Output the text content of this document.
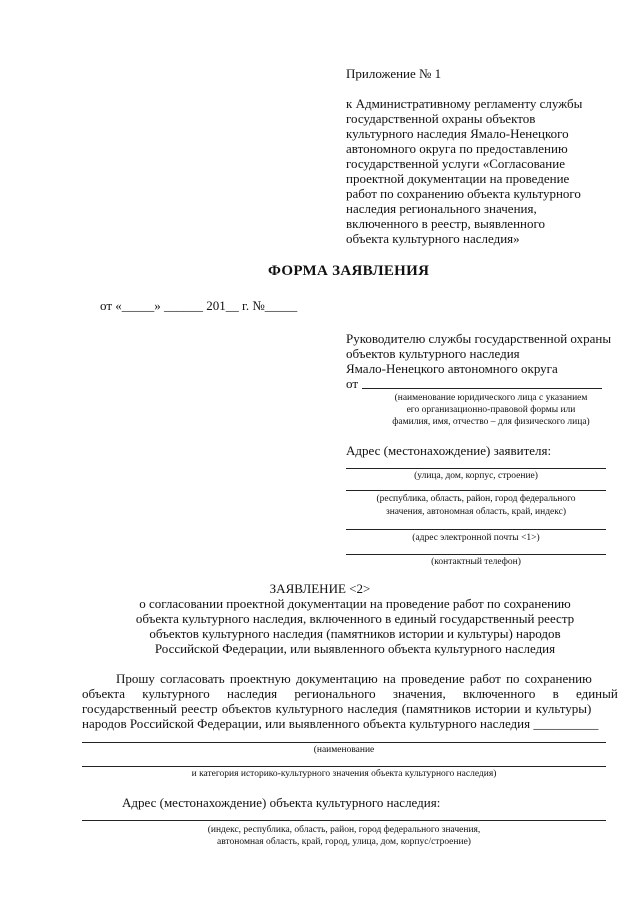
Приложение № 1
к Административному регламенту службы
государственной охраны объектов
культурного наследия Ямало-Ненецкого
автономного округа по предоставлению
государственной услуги «Согласование
проектной документации на проведение
работ по сохранению объекта культурного
наследия регионального значения,
включенного в реестр, выявленного
объекта культурного наследия»
ФОРМА ЗАЯВЛЕНИЯ
от «_____» ______ 201__ г. №_____
Руководителю службы государственной охраны
объектов культурного наследия
Ямало-Ненецкого автономного округа
от
(наименование юридического лица с указанием
его организационно-правовой формы или
фамилия, имя, отчество – для физического лица)
Адрес (местонахождение) заявителя:
(улица, дом, корпус, строение)
(республика, область, район, город федерального
значения, автономная область, край, индекс)
(адрес электронной почты <1>)
(контактный телефон)
ЗАЯВЛЕНИЕ <2>
о согласовании проектной документации на проведение работ по сохранению
объекта культурного наследия, включенного в единый государственный реестр
объектов культурного наследия (памятников истории и культуры) народов
Российской Федерации, или выявленного объекта культурного наследия
Прошу согласовать проектную документацию на проведение работ по сохранению
объекта культурного наследия регионального значения, включенного в единый
государственный реестр объектов культурного наследия (памятников истории и культуры)
народов Российской Федерации, или выявленного объекта культурного наследия __________
(наименование
и категория историко-культурного значения объекта культурного наследия)
Адрес (местонахождение) объекта культурного наследия:
(индекс, республика, область, район, город федерального значения,
автономная область, край, город, улица, дом, корпус/строение)
